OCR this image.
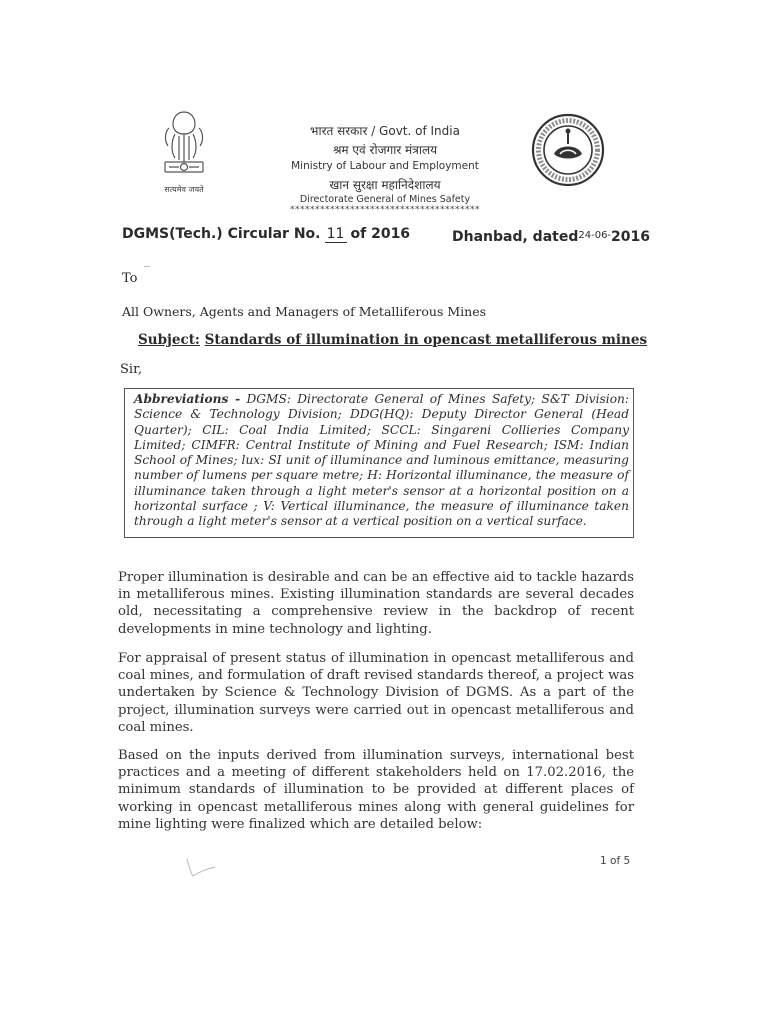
सत्यमेव जयते
भारत सरकार / Govt. of India
श्रम एवं रोजगार मंत्रालय
Ministry of Labour and Employment
खान सुरक्षा महानिदेशालय
Directorate General of Mines Safety
**************************************
DGMS(Tech.) Circular No. 11 of 2016	Dhanbad, dated$^{24-06-}$2016
To
All Owners, Agents and Managers of Metalliferous Mines
Subject: Standards of illumination in opencast metalliferous mines
Sir,
Abbreviations - DGMS: Directorate General of Mines Safety; S&T Division: Science & Technology Division; DDG(HQ): Deputy Director General (Head Quarter); CIL: Coal India Limited; SCCL: Singareni Collieries Company Limited; CIMFR: Central Institute of Mining and Fuel Research; ISM: Indian School of Mines; lux: SI unit of illuminance and luminous emittance, measuring number of lumens per square metre; H: Horizontal illuminance, the measure of illuminance taken through a light meter's sensor at a horizontal position on a horizontal surface ; V: Vertical illuminance, the measure of illuminance taken through a light meter's sensor at a vertical position on a vertical surface.
Proper illumination is desirable and can be an effective aid to tackle hazards in metalliferous mines. Existing illumination standards are several decades old, necessitating a comprehensive review in the backdrop of recent developments in mine technology and lighting.
For appraisal of present status of illumination in opencast metalliferous and coal mines, and formulation of draft revised standards thereof, a project was undertaken by Science & Technology Division of DGMS. As a part of the project, illumination surveys were carried out in opencast metalliferous and coal mines.
Based on the inputs derived from illumination surveys, international best practices and a meeting of different stakeholders held on 17.02.2016, the minimum standards of illumination to be provided at different places of working in opencast metalliferous mines along with general guidelines for mine lighting were finalized which are detailed below:
1 of 5
